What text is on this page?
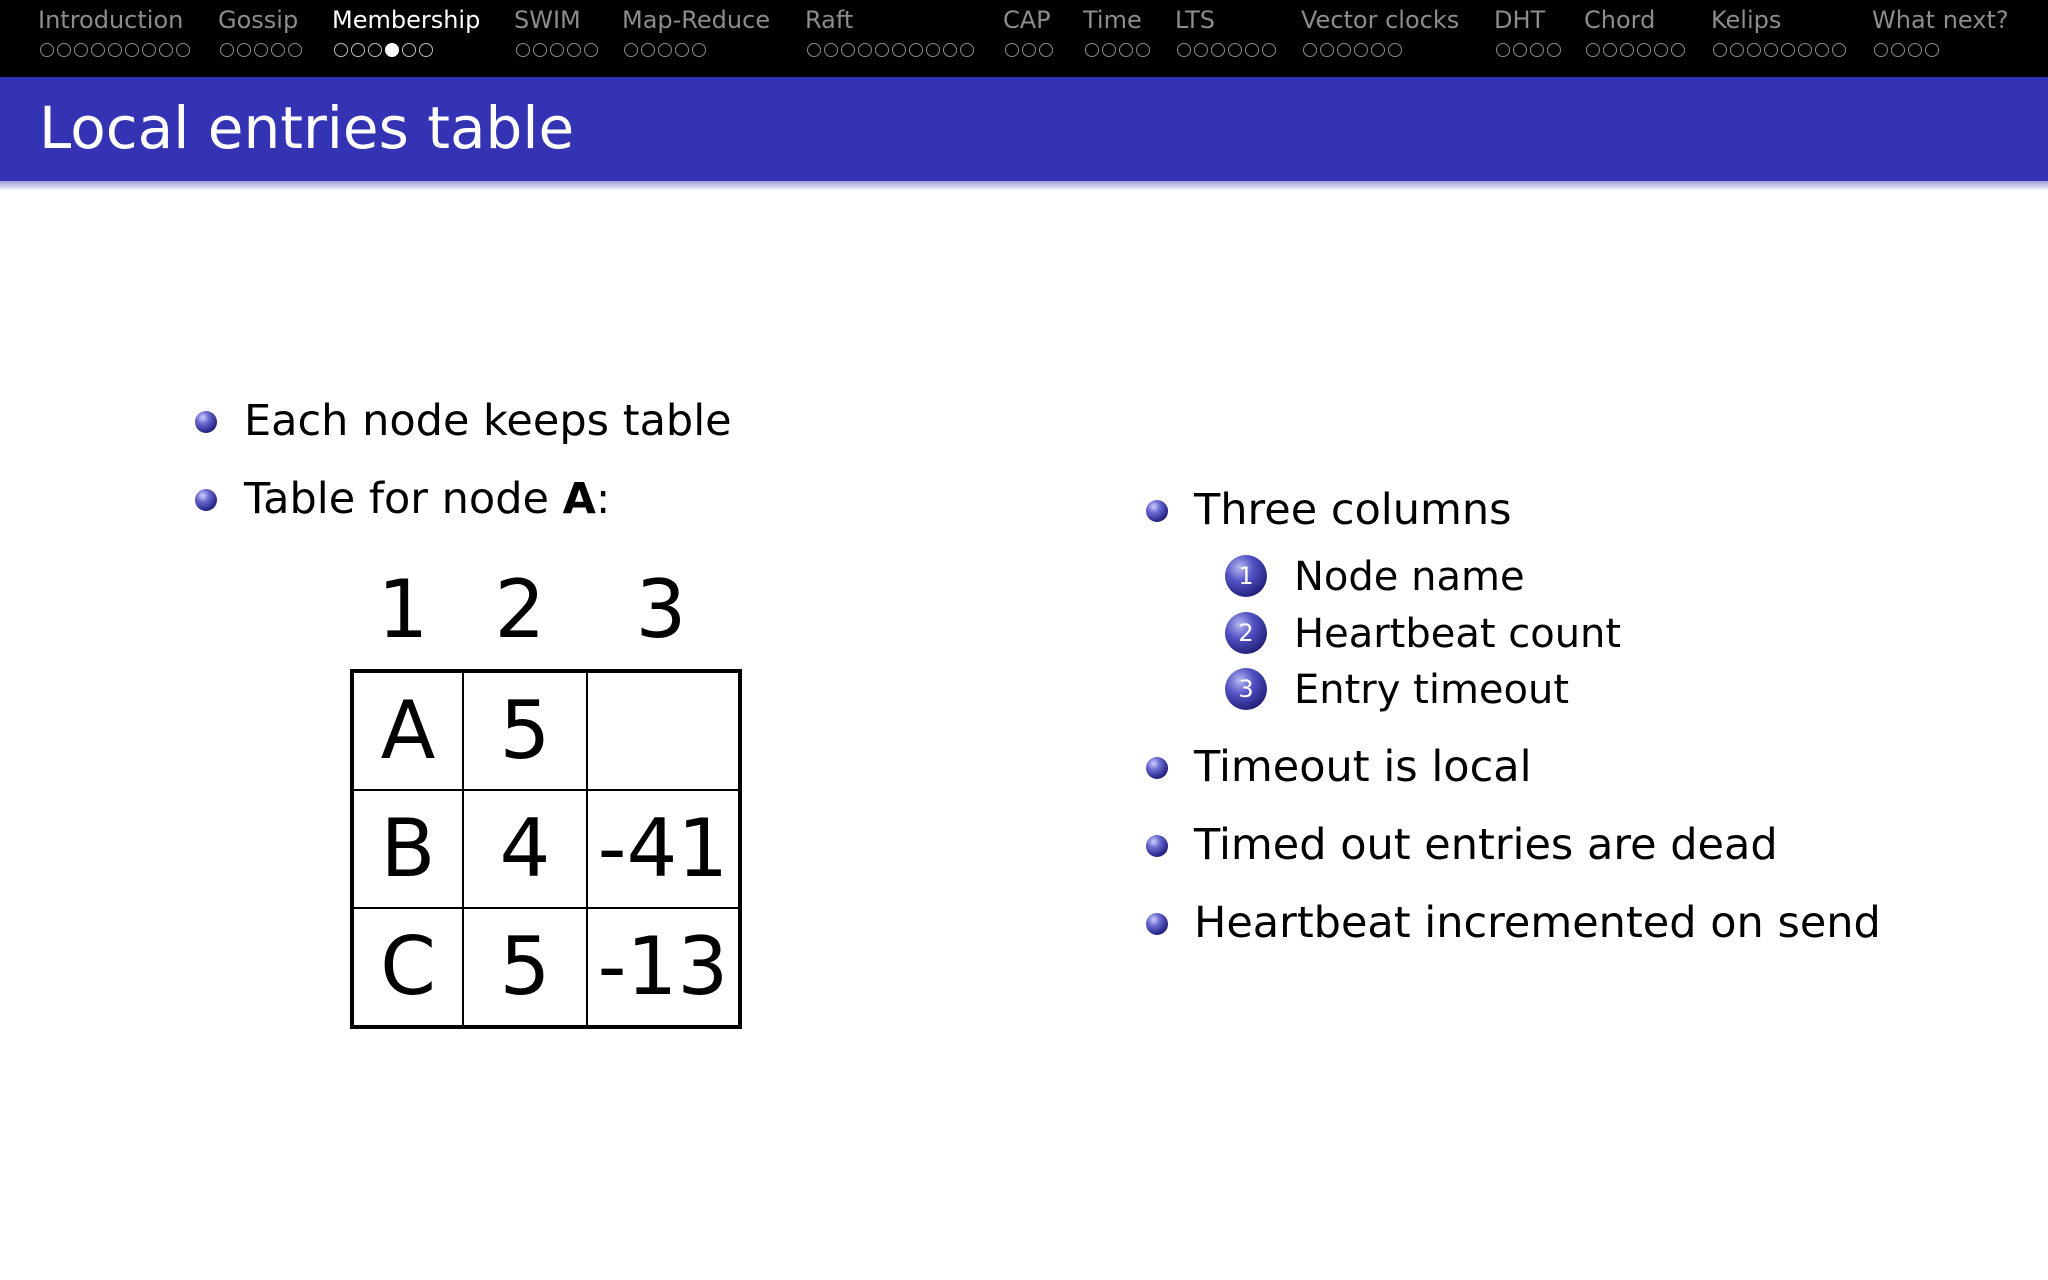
Introduction Gossip Membership SWIM Map-Reduce Raft	CAP Time LTS	Vector clocks DHT Chord Kelips	What next?
Local entries table
Each node keeps table
Table for node A:
1 2	3
A	5	
B	4	-41
C	5	-13
Three columns
1	Node name
2	Heartbeat count
3	Entry timeout
Timeout is local
Timed out entries are dead
Heartbeat incremented on send
